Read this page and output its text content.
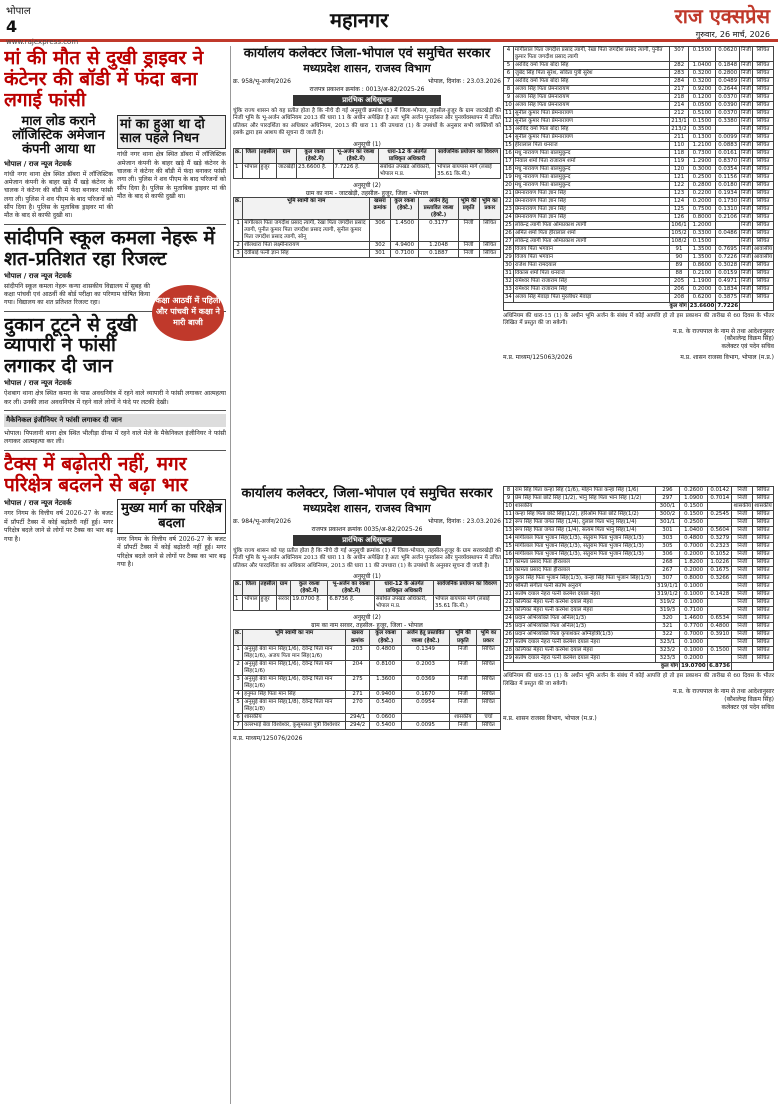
भोपाल
4
www.rajexpress.com
महानगर	राज एक्सप्रेस
गुरुवार, 26 मार्च, 2026
मां की मौत से दुखी ड्राइवर ने कंटेनर की बॉडी में फंदा बना लगाई फांसी
माल लोड कराने लॉजिस्टिक अमेजान कंपनी आया था
भोपाल / राज न्यूज नेटवर्क
गांधी नगर थाना क्षेत्र स्थित डॉबरा में लॉजिस्टिक अमेजान कंपनी के बाहर खड़े मैं खड़े कंटेनर के चालक ने कंटेनर की बॉडी में फंदा बनाकर फांसी लगा ली। पुलिस ने शव पीएम के बाद परिजनों को सौंप दिया है। पुलिस के मुताबिक ड्राइवर मां की मौत के बाद से काफी दुखी था।
मां का हुआ था दो साल पहले निधन
गांधी नगर थाना क्षेत्र स्थित डॉबरा में लॉजिस्टिक अमेजान कंपनी के बाहर खड़े मैं खड़े कंटेनर के चालक ने कंटेनर की बॉडी में फंदा बनाकर फांसी लगा ली। पुलिस ने शव पीएम के बाद परिजनों को सौंप दिया है। पुलिस के मुताबिक ड्राइवर मां की मौत के बाद से काफी दुखी था।
सांदीपनि स्कूल कमला नेहरू में शत-प्रतिशत रहा रिजल्ट
भोपाल / राज न्यूज नेटवर्क
कक्षा आठवीं में पहिली और पांचवी में कक्षा ने मारी बाजी
सांदीपनि स्कूल कमला नेहरू कन्या शासकीय विद्यालय में सुबह की कक्षा पांचवी एवं आठवीं की बोर्ड परीक्षा का परिणाम घोषित किया गया। विद्यालय का शत प्रतिशत रिजल्ट रहा।
दुकान टूटने से दुखी व्यापारी ने फांसी लगाकर दी जान
भोपाल / राज न्यूज नेटवर्क
ऐशबाग थाना क्षेत्र स्थित कमरा के पास अवधनियंत्र में रहने वाले व्यापारी ने फांसी लगाकर आत्महत्या कर ली। उनकी लाश अवधनियंत्र में रहने वाले लोगों ने फंदे पर लटकी देखी।
मैकेनिकल इंजीनियर ने फांसी लगाकर दी जान
भोपाल। पिपलानी थाना क्षेत्र स्थित भीलीड़ा ग्रीन्स में रहने वाले मेले के मैकेनिकल इंजीनियर ने फांसी लगाकर आत्महत्या कर ली।
टैक्स में बढ़ोतरी नहीं, मगर परिक्षेत्र बदलने से बढ़ा भार
भोपाल / राज न्यूज नेटवर्क
नगर निगम के वित्तीय वर्ष 2026-27 के बजट में प्रॉपर्टी टैक्स में कोई बढ़ोतरी नहीं हुई। मगर परिक्षेत्र बदले जाने से लोगों पर टैक्स का भार बढ़ गया है।
मुख्य मार्ग का परिक्षेत्र बदला
नगर निगम के वित्तीय वर्ष 2026-27 के बजट में प्रॉपर्टी टैक्स में कोई बढ़ोतरी नहीं हुई। मगर परिक्षेत्र बदले जाने से लोगों पर टैक्स का भार बढ़ गया है।
कार्यालय कलेक्टर जिला-भोपाल एवं समुचित सरकार
मध्यप्रदेश शासन, राजस्व विभाग
क्र. 958/भू-अर्जन/2026	भोपाल, दिनांक : 23.03.2026
राजपत्र प्रकाशन क्रमांक : 0013/अ-82/2025-26
प्रारंभिक अधिसूचना
चूंकि राज्य शासन को यह प्रतीत होता है कि नीचे दी गई अनुसूची क्रमांक (1) में जिला-भोपाल, तहसील-हुजूर के ग्राम जाटखेड़ी की निजी भूमि के भू-अर्जन अधिनियम 2013 की धारा 11 के अधीन अपेक्षित है अतः भूमि अर्जन पुनर्वासन और पुनर्व्यवस्थापन में उचित प्रतिकर और पारदर्शिता का अधिकार अधिनियम, 2013 की धारा 11 की उपधारा (1) के उपबंधों के अनुसार सभी व्यक्तियों को इसके द्वारा इस आशय की सूचना दी जाती है।
अनुसूची (1)
क्र.	जिला	तहसील	ग्राम	कुल रकबा (हेक्टे.में)	भू-अर्जन का रकबा (हेक्टे.में)	धारा-12 के अंतर्गत प्राधिकृत अधिकारी	सार्वजनिक प्रयोजन का विवरण
1	भोपाल	हुजूर	जाटखेड़ी	23.6600 है.	7.7226 हे.	संबंधित उपखंड अधिकारी, भोपाल म.प्र.	भोपाल बायपास मार्ग (लंबाई 35.61 कि.मी.)
अनुसूची (2)
ग्राम का नाम - जाटखेड़ी, तहसील- हुजूर, जिला - भोपाल
क्र.	भूमि स्वामी का नाम	खसरा क्रमांक	कुल रकबा (हेक्टे.)	अर्जन हेतु प्रस्तावित रकबा (हेक्टे.)	भूमि की प्रकृति	भूमि का प्रकार
1	मांगीलाल पिता जगदीश प्रसाद त्यागी, रेखा पिता जगदीश प्रसाद त्यागी, पुनीत कुमार पिता जगदीश प्रसाद त्यागी, सुनील कुमार पिता जगदीश प्रसाद त्यागी, सोनू	306	1.4500	0.3177	निजी	सिंचित
2	शीलधारा पिता लक्ष्मीनारायण	302	4.9400	1.2048	निजी	सिंचित
3	देवीबाई पत्नी ज्ञान सिंह	301	0.7100	0.1887	निजी	सिंचित
4	मांगीलाल पिता जगदीश प्रसाद त्यागी, रेखा पिता जगदीश प्रसाद त्यागी, पुनीत कुमार पिता जगदीश प्रसाद त्यागी	307	0.1500	0.0620	निजी	सिंचित
5	अरविंद वर्मा पिता बोदा सिंह	282	1.0400	0.1848	निजी	सिंचित
6	जुबेद सिंह पिता सुरेश, सविता पुत्री सुरेश	283	0.3200	0.2800	निजी	सिंचित
7	अरविंद वर्मा पिता बोदा सिंह	284	0.3200	0.0489	निजी	सिंचित
8	अजय सिंह पिता प्रेमनारायण	217	0.9200	0.2644	निजी	सिंचित
9	अजय सिंह पिता प्रेमनारायण	218	0.1200	0.0370	निजी	सिंचित
10	अजय सिंह पिता प्रेमनारायण	214	0.0500	0.0390	निजी	सिंचित
11	सुनील कुमार पिता प्रेमनारायण	212	0.5100	0.0370	निजी	सिंचित
12	सुनील कुमार पिता प्रेमनारायण	213/1	0.1500	0.3380	निजी	सिंचित
13	अरविंद वर्मा पिता बोदा सिंह	213/2	0.3500		निजी	सिंचित
14	सुनील कुमार पिता प्रेमनारायण	211	0.1300	0.0099	निजी	सिंचित
15	हीरालाल पिता धनराज	110	1.2100	0.0883	निजी	सिंचित
16	मधु नारायण पिता बालमुकुन्द	118	0.7300	0.0161	निजी	सिंचित
17	निवाल शर्मा पिता राजाराम शर्मा	119	1.2900	0.8370	निजी	सिंचित
18	मधु नारायण पिता बालमुकुन्द	120	0.3000	0.0354	निजी	सिंचित
19	मधु नारायण पिता बालमुकुन्द	121	0.2500	0.1156	निजी	सिंचित
20	मधु नारायण पिता बालमुकुन्द	122	0.2800	0.0180	निजी	सिंचित
21	प्रेमनारायण पिता ज्ञान सिंह	123	0.2200	0.1934	निजी	सिंचित
22	प्रेमनारायण पिता ज्ञान सिंह	124	0.2000	0.1730	निजी	सिंचित
23	प्रेमनारायण पिता ज्ञान सिंह	125	0.7500	0.1310	निजी	सिंचित
24	प्रेमनारायण पिता ज्ञान सिंह	126	0.8000	0.2106	निजी	सिंचित
25	लोकेन्द्र त्यागी पिता ओमप्रकाश त्यागी	106/1	1.2000		निजी	सिंचित
26	अमित शर्मा पिता हीरालाल शर्मा	105/2	0.3300	0.0486	निजी	सिंचित
27	लोकेन्द्र त्यागी पिता ओमप्रकाश त्यागी	108/2	0.1500		निजी	सिंचित
28	विजय पिता भगवान	91	1.3500	0.7695	निजी	आवासीय
29	विजय पिता भगवान	90	1.3500	0.7226	निजी	आवासीय
30	राजेश पिता रामदयाल	89	0.8600	0.3028	निजी	सिंचित
31	विकास शर्मा पिता धनराज	88	0.2100	0.0159	निजी	सिंचित
32	रामेश्वर पिता राजाराम सिंह	205	1.1900	0.4971	निजी	सिंचित
33	रामेश्वर पिता राजाराम सिंह	206	0.2000	0.1834	निजी	सिंचित
34	अजय सिंह मेवाड़ा पिता मुरलीधर मेवाड़ा	208	0.6200	0.3875	निजी	सिंचित
कुल योग			23.6600	7.7226		
अधिनियम की धारा-15 (1) के अधीन भूमि अर्जन के संबंध में कोई आपत्ति हो तो इस प्रकाशन की तारीख से 60 दिवस के भीतर लिखित में प्रस्तुत की जा सकेगी।
म.प्र. के राज्यपाल के नाम से तथा आदेशानुसार
(कौशलेन्द्र विक्रम सिंह)
कलेक्टर एवं पदेन सचिव
म.प्र. माध्यम/125063/2026	म.प्र. शासन राजस्व विभाग, भोपाल (म.प्र.)
कार्यालय कलेक्टर, जिला-भोपाल एवं समुचित सरकार
मध्यप्रदेश शासन, राजस्व विभाग
क्र. 984/भू-अर्जन/2026	भोपाल, दिनांक : 23.03.2026
राजपत्र प्रकाशन क्रमांक 0035/अ-82/2025-26
प्रारंभिक अधिसूचना
चूंकि राज्य शासन को यह प्रतीत होता है कि नीचे दी गई अनुसूची क्रमांक (1) में जिला-भोपाल, तहसील-हुजूर के ग्राम सरवरखेड़ी की निजी भूमि के भू-अर्जन अधिनियम 2013 की धारा 11 के अधीन अपेक्षित है अतः भूमि अर्जन पुनर्वासन और पुनर्व्यवस्थापन में उचित प्रतिकर और पारदर्शिता का अधिकार अधिनियम, 2013 की धारा 11 की उपधारा (1) के उपबंधों के अनुसार सूचना दी जाती है।
अनुसूची (1)
क्र.	जिला	तहसील	ग्राम	कुल रकबा (हेक्टे.में)	भू-अर्जन का रकबा (हेक्टे.में)	धारा-12 के अंतर्गत प्राधिकृत अधिकारी	सार्वजनिक प्रयोजन का विवरण
1	भोपाल	हुजूर	सरवर	19.0700 है.	6.8736 हे.	संबंधित उपखंड अधिकारी, भोपाल म.प्र.	भोपाल बायपास मार्ग (लंबाई 35.61 कि.मी.)
अनुसूची (2)
ग्राम का नाम सरवर, तहसील- हुजूर, जिला - भोपाल
क्र.	भूमि स्वामी का नाम	खसरा क्रमांक	कुल रकबा (हेक्टे.)	अर्जन हेतु प्रस्तावित रकबा (हेक्टे.)	भूमि की प्रकृति	भूमि का प्रकार
1	अनुसुई बेवा मान सिंह(1/6), देवेन्द्र पिता मान सिंह(1/6), अजय पिता मान सिंह(1/6)	203	0.4800	0.1349	निजी	सिंचित
2	अनुसुई बेवा मान सिंह(1/6), देवेन्द्र पिता मान सिंह(1/6)	204	0.8100	0.2003	निजी	सिंचित
3	अनुसुई बेवा मान सिंह(1/6), देवेन्द्र पिता मान सिंह(1/6)	275	1.3600	0.0369	निजी	सिंचित
4	हनुमंत सिंह पिता मान सिंह	271	0.9400	0.1670	निजी	सिंचित
5	अनुसुई बेवा मान सिंह(1/8), देवेन्द्र पिता मान सिंह(1/8)	270	0.5400	0.0954	निजी	सिंचित
6	शासकीय	294/1	0.0600		शासकीय	चर्चा
7	वल्लभाई बेवा विश्वेश्वर, कुसुमलता पुत्री विश्वेश्वर	294/2	0.5400	0.0095	निजी	सिंचित
म.प्र. माध्यम/125076/2026
8	राम सिंह पिता कन्हा सिंह (1/6), मोहन पिता कन्हा सिंह (1/6)	296	0.2600	0.0142	निजी	सिंचित
9	प्रेम सिंह पिता छोटे सिंह (1/2), भानु सिंह पिता भान सिंह (1/2)	297	1.0900	0.7014	निजी	सिंचित
10	शासकीय	300/1	0.1500		शासकीय	शासकीय
11	कन्हा सिंह पिता छोटे सिंह(1/2), हरिओम पिता छोटे सिंह(1/2)	300/2	0.1500	0.2545	निजी	सिंचित
12	रूप सिंह पिता जगत सिंह (1/4), दुलाल पिता भानु सिंह(1/4)	301/1	0.2500		निजी	सिंचित
13	रूप सिंह पिता जगत सिंह (1/4), सत्यम पिता भानु सिंह(1/4)	301	1.0400	0.5604	निजी	सिंचित
14	मांगीलाल पिता भुजान सिंह(1/3), संतुराम पिता भुजान सिंह(1/3)	303	0.4800	0.3279	निजी	सिंचित
15	मांगीलाल पिता भुजान सिंह(1/3), संतुराम पिता भुजान सिंह(1/3)	305	0.7000	0.2323	निजी	सिंचित
16	मांगीलाल पिता भुजान सिंह(1/3), संतुराम पिता भुजान सिंह(1/3)	306	0.2000	0.1052	निजी	सिंचित
17	कामता प्रसाद पिता हीरालाल	268	1.8200	1.0226	निजी	सिंचित
18	कामता प्रसाद पिता हीरालाल	267	0.2000	0.1675	निजी	सिंचित
19	कुंवर सिंह पिता भुजान सिंह(1/3), कन्हा सिंह पिता भुजान सिंह(1/3)	307	0.8000	0.3266	निजी	सिंचित
20	श्रीमती संगीता पत्नी संतोष अनुराग	319/1/1	0.1000		निजी	सिंचित
21	सतोष दयाल नेहरा पत्नी करमेश दयाल नेहरा	319/1/2	0.1000	0.1428	निजी	सिंचित
22	कल्पिका मेहरा पत्नी करमेश दयाल मेहरा	319/2	0.1000		निजी	सिंचित
23	कल्पिका मेहरा पत्नी करमेश दयाल मेहरा	319/3	0.7100		निजी	सिंचित
24	प्रदान अभिव्यक्ति पिता अनिल(1/3)	320	1.4600	0.6534	निजी	सिंचित
25	प्रदान अभिव्यक्ति पिता अनिल(1/3)	321	0.7700	0.4800	निजी	सिंचित
26	प्रदान अभिव्यक्ति पिता कृपाशंकर अग्निहोत्री(1/3)	322	0.7000	0.3910	निजी	सिंचित
27	सतोष दयाल नेहरा पत्नी करमेश दयाल नेहरा	323/1	0.1000		निजी	सिंचित
28	कल्पिका मेहरा पत्नी करमेश दयाल मेहरा	323/2	0.1000	0.1500	निजी	सिंचित
29	सतोष दयाल नेहरा पत्नी करमेश दयाल नेहरा	323/3	0.2000		निजी	सिंचित
कुल योग			19.0700	6.8736		
अधिनियम की धारा-15 (1) के अधीन भूमि अर्जन के संबंध में कोई आपत्ति हो तो इस प्रकाशन की तारीख से 60 दिवस के भीतर लिखित में प्रस्तुत की जा सकेगी।
म.प्र. के राज्यपाल के नाम से तथा आदेशानुसार
(कौशलेन्द्र विक्रम सिंह)
कलेक्टर एवं पदेन सचिव
म.प्र. शासन राजस्व विभाग, भोपाल (म.प्र.)
